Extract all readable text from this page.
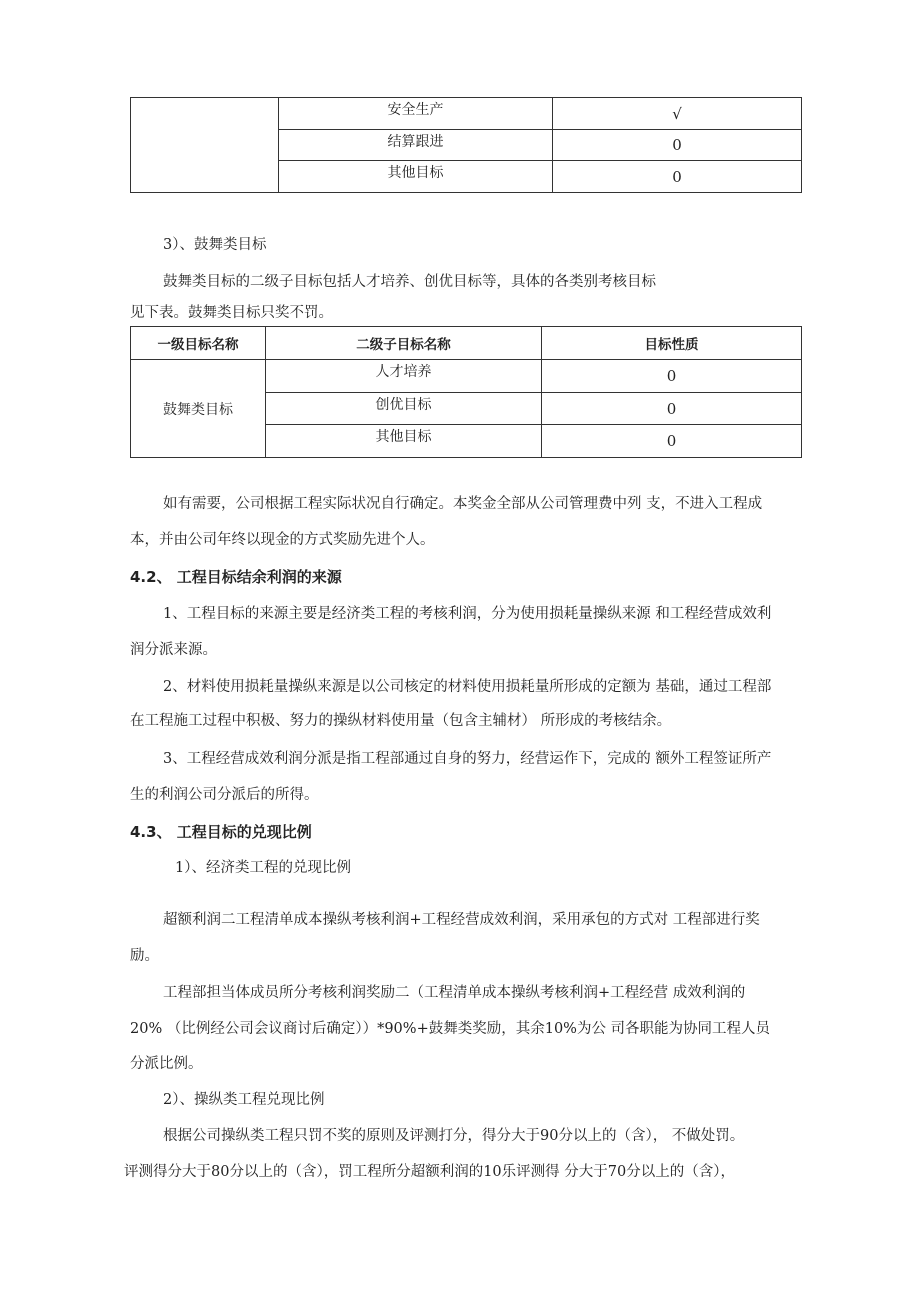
	安全生产	√

	结算跟进	0

	其他目标	0
3）、鼓舞类目标
鼓舞类目标的二级子目标包括人才培养、创优目标等，具体的各类别考核目标
见下表。鼓舞类目标只奖不罚。
一级目标名称	二级子目标名称	目标性质
鼓舞类目标	人才培养	0

	创优目标	0

	其他目标	0
如有需要，公司根据工程实际状况自行确定。本奖金全部从公司管理费中列 支，不进入工程成
本，并由公司年终以现金的方式奖励先进个人。
4.2、 工程目标结余利润的来源
1、工程目标的来源主要是经济类工程的考核利润，分为使用损耗量操纵来源 和工程经营成效利
润分派来源。
2、材料使用损耗量操纵来源是以公司核定的材料使用损耗量所形成的定额为 基础，通过工程部
在工程施工过程中积极、努力的操纵材料使用量（包含主辅材） 所形成的考核结余。
3、工程经营成效利润分派是指工程部通过自身的努力，经营运作下，完成的 额外工程签证所产
生的利润公司分派后的所得。
4.3、 工程目标的兑现比例
1）、经济类工程的兑现比例
超额利润二工程清单成本操纵考核利润+工程经营成效利润，采用承包的方式对 工程部进行奖
励。
工程部担当体成员所分考核利润奖励二（工程清单成本操纵考核利润+工程经营 成效利润的
20% （比例经公司会议商讨后确定））*90%+鼓舞类奖励，其余10%为公 司各职能为协同工程人员
分派比例。
2）、操纵类工程兑现比例
根据公司操纵类工程只罚不奖的原则及评测打分，得分大于90分以上的（含）， 不做处罚。
评测得分大于80分以上的（含），罚工程所分超额利润的10乐评测得 分大于70分以上的（含），
